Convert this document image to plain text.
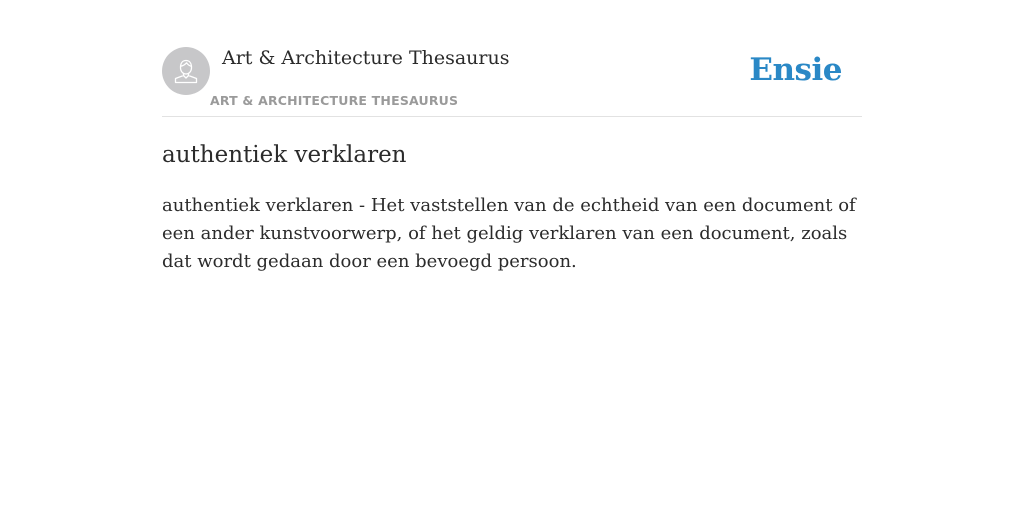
Art & Architecture Thesaurus
ART & ARCHITECTURE THESAURUS
Ensie
authentiek verklaren

authentiek verklaren - Het vaststellen van de echtheid van een document of een ander kunstvoorwerp, of het geldig verklaren van een document, zoals dat wordt gedaan door een bevoegd persoon.
